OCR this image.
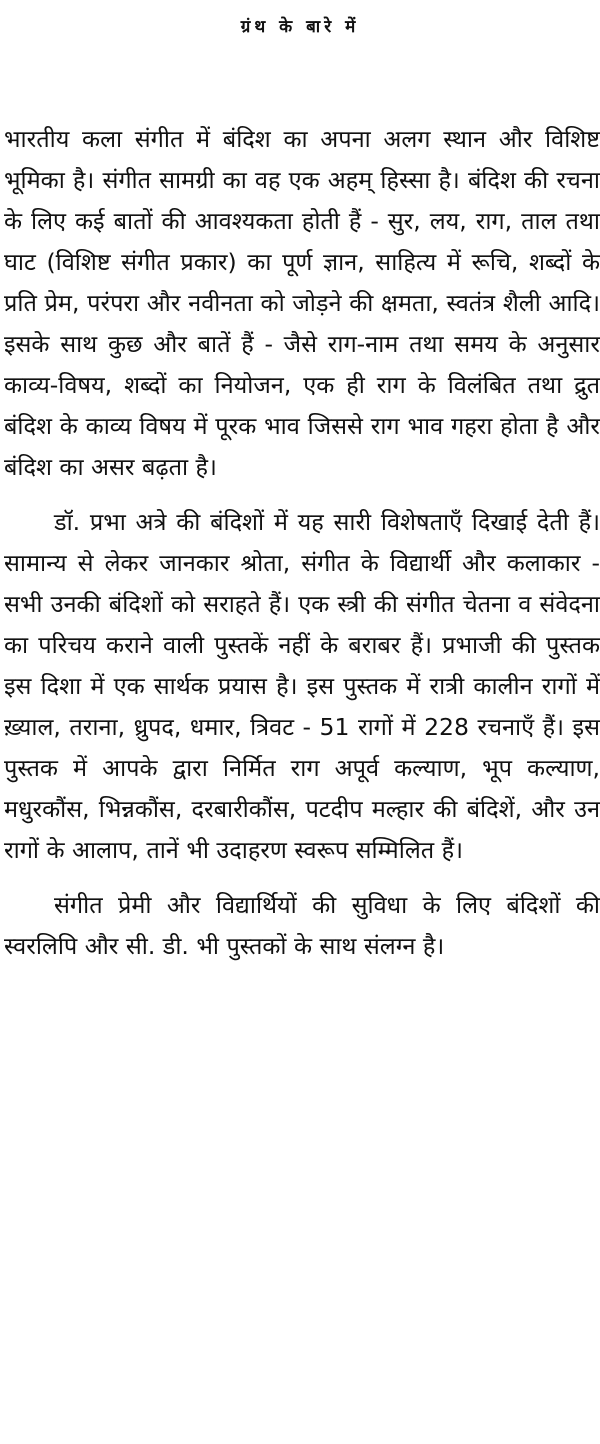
ग्रंथ के बारे में

भारतीय कला संगीत में बंदिश का अपना अलग स्थान और विशिष्ट भूमिका है। संगीत सामग्री का वह एक अहम् हिस्सा है। बंदिश की रचना के लिए कई बातों की आवश्यकता होती हैं - सुर, लय, राग, ताल तथा घाट (विशिष्ट संगीत प्रकार) का पूर्ण ज्ञान, साहित्य में रूचि, शब्दों के प्रति प्रेम, परंपरा और नवीनता को जोड़ने की क्षमता, स्वतंत्र शैली आदि। इसके साथ कुछ और बातें हैं - जैसे राग-नाम तथा समय के अनुसार काव्य-विषय, शब्दों का नियोजन, एक ही राग के विलंबित तथा द्रुत बंदिश के काव्य विषय में पूरक भाव जिससे राग भाव गहरा होता है और बंदिश का असर बढ़ता है।

डॉ. प्रभा अत्रे की बंदिशों में यह सारी विशेषताएँ दिखाई देती हैं। सामान्य से लेकर जानकार श्रोता, संगीत के विद्यार्थी और कलाकार - सभी उनकी बंदिशों को सराहते हैं। एक स्त्री की संगीत चेतना व संवेदना का परिचय कराने वाली पुस्तकें नहीं के बराबर हैं। प्रभाजी की पुस्तक इस दिशा में एक सार्थक प्रयास है। इस पुस्तक में रात्री कालीन रागों में ख़्याल, तराना, ध्रुपद, धमार, त्रिवट - 51 रागों में 228 रचनाएँ हैं। इस पुस्तक में आपके द्वारा निर्मित राग अपूर्व कल्याण, भूप कल्याण, मधुरकौंस, भिन्नकौंस, दरबारीकौंस, पटदीप मल्हार की बंदिशें, और उन रागों के आलाप, तानें भी उदाहरण स्वरूप सम्मिलित हैं।

संगीत प्रेमी और विद्यार्थियों की सुविधा के लिए बंदिशों की स्वरलिपि और सी. डी. भी पुस्तकों के साथ संलग्न है।
